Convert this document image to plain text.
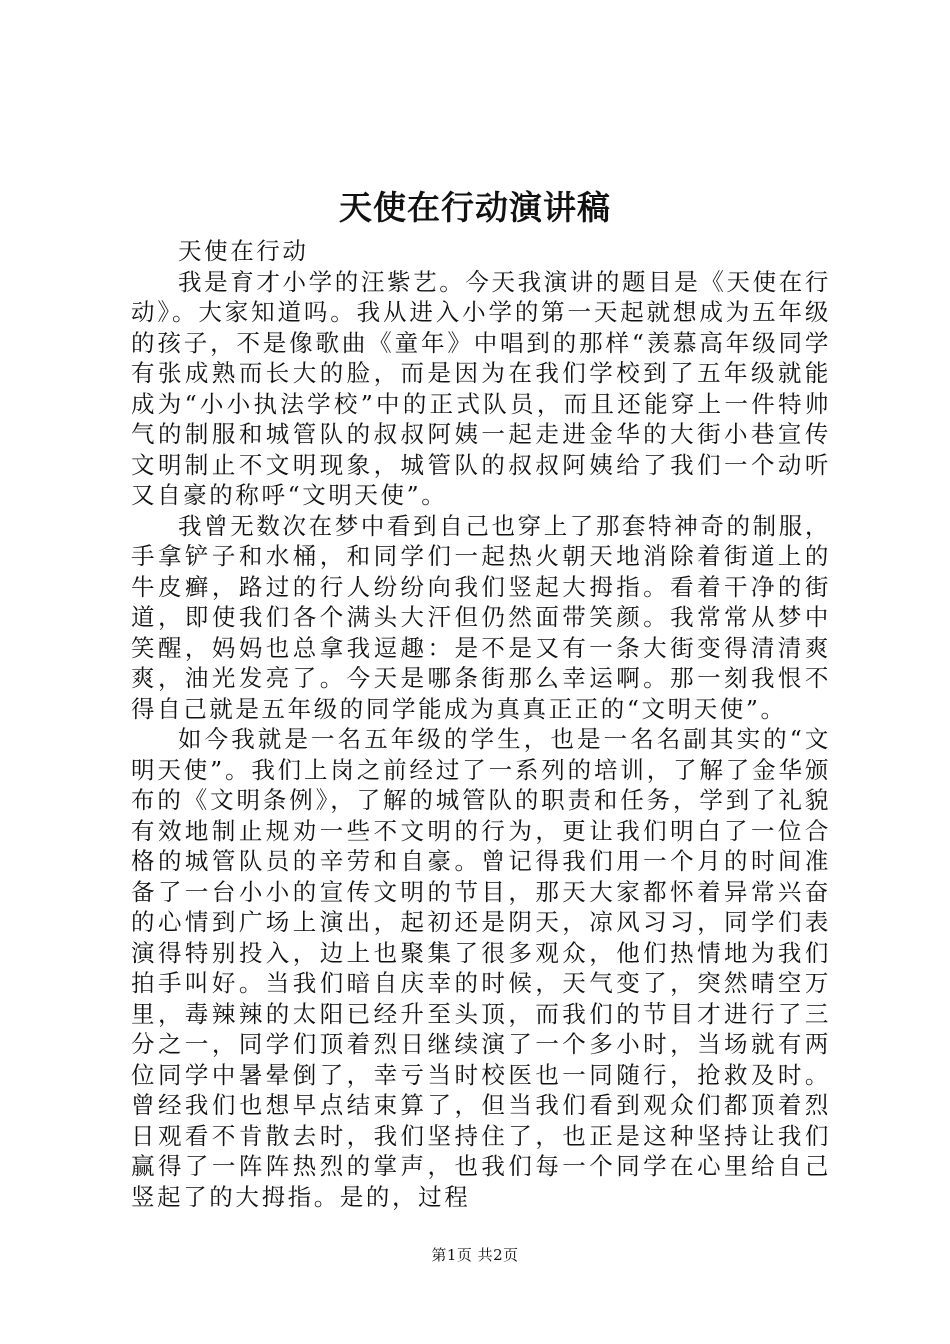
天使在行动演讲稿

天使在行动

我是育才小学的汪紫艺。今天我演讲的题目是《天使在行动》。大家知道吗。我从进入小学的第一天起就想成为五年级的孩子，不是像歌曲《童年》中唱到的那样“羡慕高年级同学有张成熟而长大的脸，而是因为在我们学校到了五年级就能成为“小小执法学校”中的正式队员，而且还能穿上一件特帅气的制服和城管队的叔叔阿姨一起走进金华的大街小巷宣传文明制止不文明现象，城管队的叔叔阿姨给了我们一个动听又自豪的称呼“文明天使”。

我曾无数次在梦中看到自己也穿上了那套特神奇的制服，手拿铲子和水桶，和同学们一起热火朝天地消除着街道上的牛皮癣，路过的行人纷纷向我们竖起大拇指。看着干净的街道，即使我们各个满头大汗但仍然面带笑颜。我常常从梦中笑醒，妈妈也总拿我逗趣：是不是又有一条大街变得清清爽爽，油光发亮了。今天是哪条街那么幸运啊。那一刻我恨不得自己就是五年级的同学能成为真真正正的“文明天使”。

如今我就是一名五年级的学生，也是一名名副其实的“文明天使”。我们上岗之前经过了一系列的培训，了解了金华颁布的《文明条例》，了解的城管队的职责和任务，学到了礼貌有效地制止规劝一些不文明的行为，更让我们明白了一位合格的城管队员的辛劳和自豪。曾记得我们用一个月的时间准备了一台小小的宣传文明的节目，那天大家都怀着异常兴奋的心情到广场上演出，起初还是阴天，凉风习习，同学们表演得特别投入，边上也聚集了很多观众，他们热情地为我们拍手叫好。当我们暗自庆幸的时候，天气变了，突然晴空万里，毒辣辣的太阳已经升至头顶，而我们的节目才进行了三分之一，同学们顶着烈日继续演了一个多小时，当场就有两位同学中暑晕倒了，幸亏当时校医也一同随行，抢救及时。曾经我们也想早点结束算了，但当我们看到观众们都顶着烈日观看不肯散去时，我们坚持住了，也正是这种坚持让我们赢得了一阵阵热烈的掌声，也我们每一个同学在心里给自己竖起了的大拇指。是的，过程

第1页 共2页
